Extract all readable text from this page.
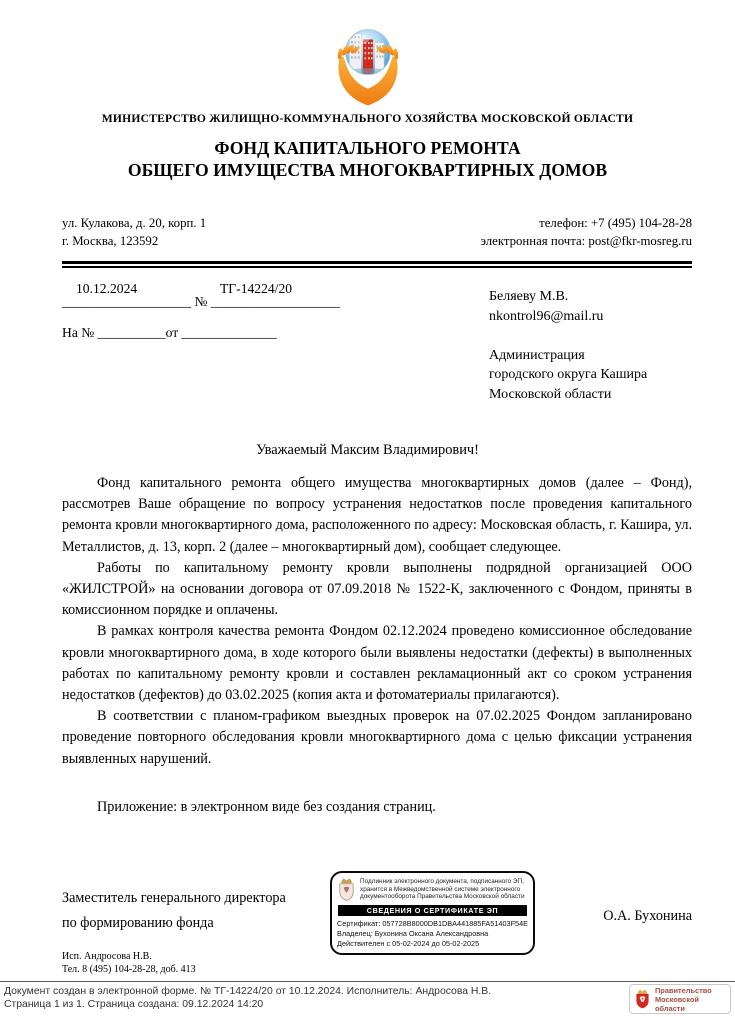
МИНИСТЕРСТВО ЖИЛИЩНО-КОММУНАЛЬНОГО ХОЗЯЙСТВА МОСКОВСКОЙ ОБЛАСТИ
ФОНД КАПИТАЛЬНОГО РЕМОНТА
ОБЩЕГО ИМУЩЕСТВА МНОГОКВАРТИРНЫХ ДОМОВ
ул. Кулакова, д. 20, корп. 1
г. Москва, 123592
телефон: +7 (495) 104-28-28
электронная почта: post@fkr-mosreg.ru
10.12.2024	ТГ-14224/20
___________________ № ___________________
На № __________от ______________
Беляеву М.В.
nkontrol96@mail.ru
Администрация
городского округа Кашира
Московской области
Уважаемый Максим Владимирович!

Фонд капитального ремонта общего имущества многоквартирных домов (далее – Фонд), рассмотрев Ваше обращение по вопросу устранения недостатков после проведения капитального ремонта кровли многоквартирного дома, расположенного по адресу: Московская область, г. Кашира, ул. Металлистов, д. 13, корп. 2 (далее – многоквартирный дом), сообщает следующее.

Работы по капитальному ремонту кровли выполнены подрядной организацией ООО «ЖИЛСТРОЙ» на основании договора от 07.09.2018 № 1522-К, заключенного с Фондом, приняты в комиссионном порядке и оплачены.

В рамках контроля качества ремонта Фондом 02.12.2024 проведено комиссионное обследование кровли многоквартирного дома, в ходе которого были выявлены недостатки (дефекты) в выполненных работах по капитальному ремонту кровли и составлен рекламационный акт со сроком устранения недостатков (дефектов) до 03.02.2025 (копия акта и фотоматериалы прилагаются).

В соответствии с планом-графиком выездных проверок на 07.02.2025 Фондом запланировано проведение повторного обследования кровли многоквартирного дома с целью фиксации устранения выявленных нарушений.

Приложение: в электронном виде без создания страниц.

Заместитель генерального директора
по формированию фонда	О.А. Бухонина
Подлинник электронного документа, подписанного ЭП,
хранится в Межведомственной системе электронного
документооборота Правительства Московской области
СВЕДЕНИЯ О СЕРТИФИКАТЕ ЭП
Сертификат: 057728B8000DB1DBA441885FA51403F54E
Владелец: Бухонина Оксана Александровна
Действителен с 05-02-2024 до 05-02-2025
Исп. Андросова Н.В.
Тел. 8 (495) 104-28-28, доб. 413
Документ создан в электронной форме. № ТГ-14224/20 от 10.12.2024. Исполнитель: Андросова Н.В.
Страница 1 из 1. Страница создана: 09.12.2024 14:20
Правительство
Московской области
